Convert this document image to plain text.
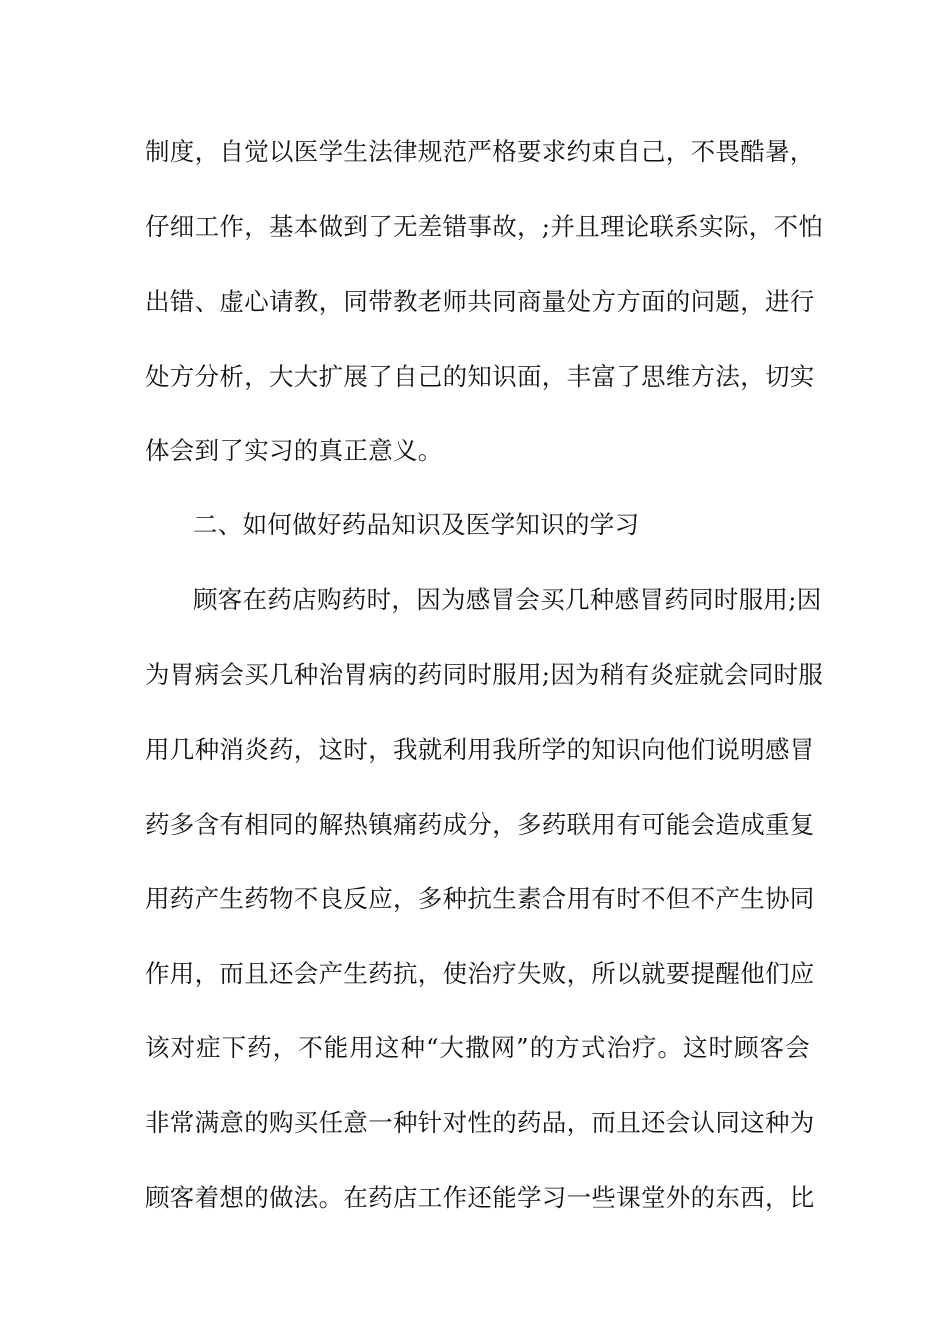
制度，自觉以医学生法律规范严格要求约束自己，不畏酷暑，
仔细工作，基本做到了无差错事故，;并且理论联系实际，不怕
出错、虚心请教，同带教老师共同商量处方方面的问题，进行
处方分析，大大扩展了自己的知识面，丰富了思维方法，切实
体会到了实习的真正意义。
二、如何做好药品知识及医学知识的学习
顾客在药店购药时，因为感冒会买几种感冒药同时服用;因
为胃病会买几种治胃病的药同时服用;因为稍有炎症就会同时服
用几种消炎药，这时，我就利用我所学的知识向他们说明感冒
药多含有相同的解热镇痛药成分，多药联用有可能会造成重复
用药产生药物不良反应，多种抗生素合用有时不但不产生协同
作用，而且还会产生药抗，使治疗失败，所以就要提醒他们应
该对症下药，不能用这种“大撒网”的方式治疗。这时顾客会
非常满意的购买任意一种针对性的药品，而且还会认同这种为
顾客着想的做法。在药店工作还能学习一些课堂外的东西，比
